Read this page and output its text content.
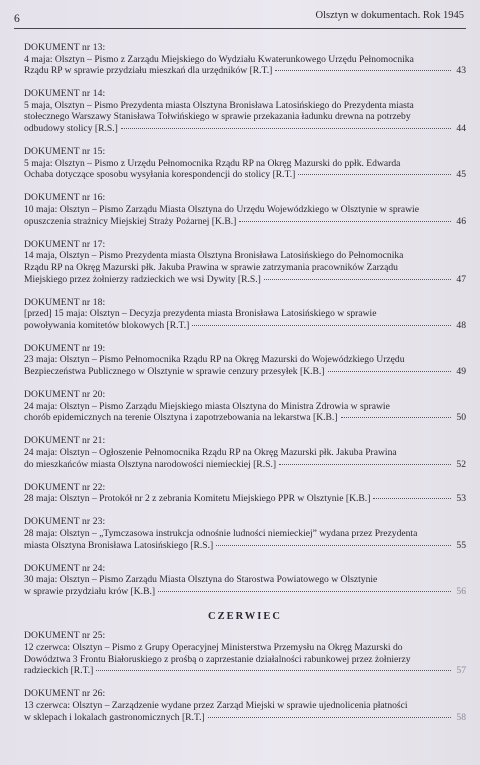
6	Olsztyn w dokumentach. Rok 1945
DOKUMENT nr 13:
4 maja: Olsztyn – Pismo z Zarządu Miejskiego do Wydziału Kwaterunkowego Urzędu Pełnomocnika
Rządu RP w sprawie przydziału mieszkań dla urzędników [R.T.]	43
DOKUMENT nr 14:
5 maja, Olsztyn – Pismo Prezydenta miasta Olsztyna Bronisława Latosińskiego do Prezydenta miasta
stołecznego Warszawy Stanisława Tołwińskiego w sprawie przekazania ładunku drewna na potrzeby
odbudowy stolicy [R.S.]	44
DOKUMENT nr 15:
5 maja: Olsztyn – Pismo z Urzędu Pełnomocnika Rządu RP na Okręg Mazurski do ppłk. Edwarda
Ochaba dotyczące sposobu wysyłania korespondencji do stolicy [R.T.]	45
DOKUMENT nr 16:
10 maja: Olsztyn – Pismo Zarządu Miasta Olsztyna do Urzędu Wojewódzkiego w Olsztynie w sprawie
opuszczenia strażnicy Miejskiej Straży Pożarnej [K.B.]	46
DOKUMENT nr 17:
14 maja, Olsztyn – Pismo Prezydenta miasta Olsztyna Bronisława Latosińskiego do Pełnomocnika
Rządu RP na Okręg Mazurski płk. Jakuba Prawina w sprawie zatrzymania pracowników Zarządu
Miejskiego przez żołnierzy radzieckich we wsi Dywity [R.S.]	47
DOKUMENT nr 18:
[przed] 15 maja: Olsztyn – Decyzja prezydenta miasta Bronisława Latosińskiego w sprawie
powoływania komitetów blokowych [R.T.]	48
DOKUMENT nr 19:
23 maja: Olsztyn – Pismo Pełnomocnika Rządu RP na Okręg Mazurski do Wojewódzkiego Urzędu
Bezpieczeństwa Publicznego w Olsztynie w sprawie cenzury przesyłek [K.B.]	49
DOKUMENT nr 20:
24 maja: Olsztyn – Pismo Zarządu Miejskiego miasta Olsztyna do Ministra Zdrowia w sprawie
chorób epidemicznych na terenie Olsztyna i zapotrzebowania na lekarstwa [K.B.]	50
DOKUMENT nr 21:
24 maja: Olsztyn – Ogłoszenie Pełnomocnika Rządu RP na Okręg Mazurski płk. Jakuba Prawina
do mieszkańców miasta Olsztyna narodowości niemieckiej [R.S.]	52
DOKUMENT nr 22:
28 maja: Olsztyn – Protokół nr 2 z zebrania Komitetu Miejskiego PPR w Olsztynie [K.B.]	53
DOKUMENT nr 23:
28 maja: Olsztyn – „Tymczasowa instrukcja odnośnie ludności niemieckiej” wydana przez Prezydenta
miasta Olsztyna Bronisława Latosińskiego [R.S.]	55
DOKUMENT nr 24:
30 maja: Olsztyn – Pismo Zarządu Miasta Olsztyna do Starostwa Powiatowego w Olsztynie
w sprawie przydziału krów [K.B.]	56
CZERWIEC
DOKUMENT nr 25:
12 czerwca: Olsztyn – Pismo z Grupy Operacyjnej Ministerstwa Przemysłu na Okręg Mazurski do
Dowództwa 3 Frontu Białoruskiego z prośbą o zaprzestanie działalności rabunkowej przez żołnierzy
radzieckich [R.T.]	57
DOKUMENT nr 26:
13 czerwca: Olsztyn – Zarządzenie wydane przez Zarząd Miejski w sprawie ujednolicenia płatności
w sklepach i lokalach gastronomicznych [R.T.]	58
